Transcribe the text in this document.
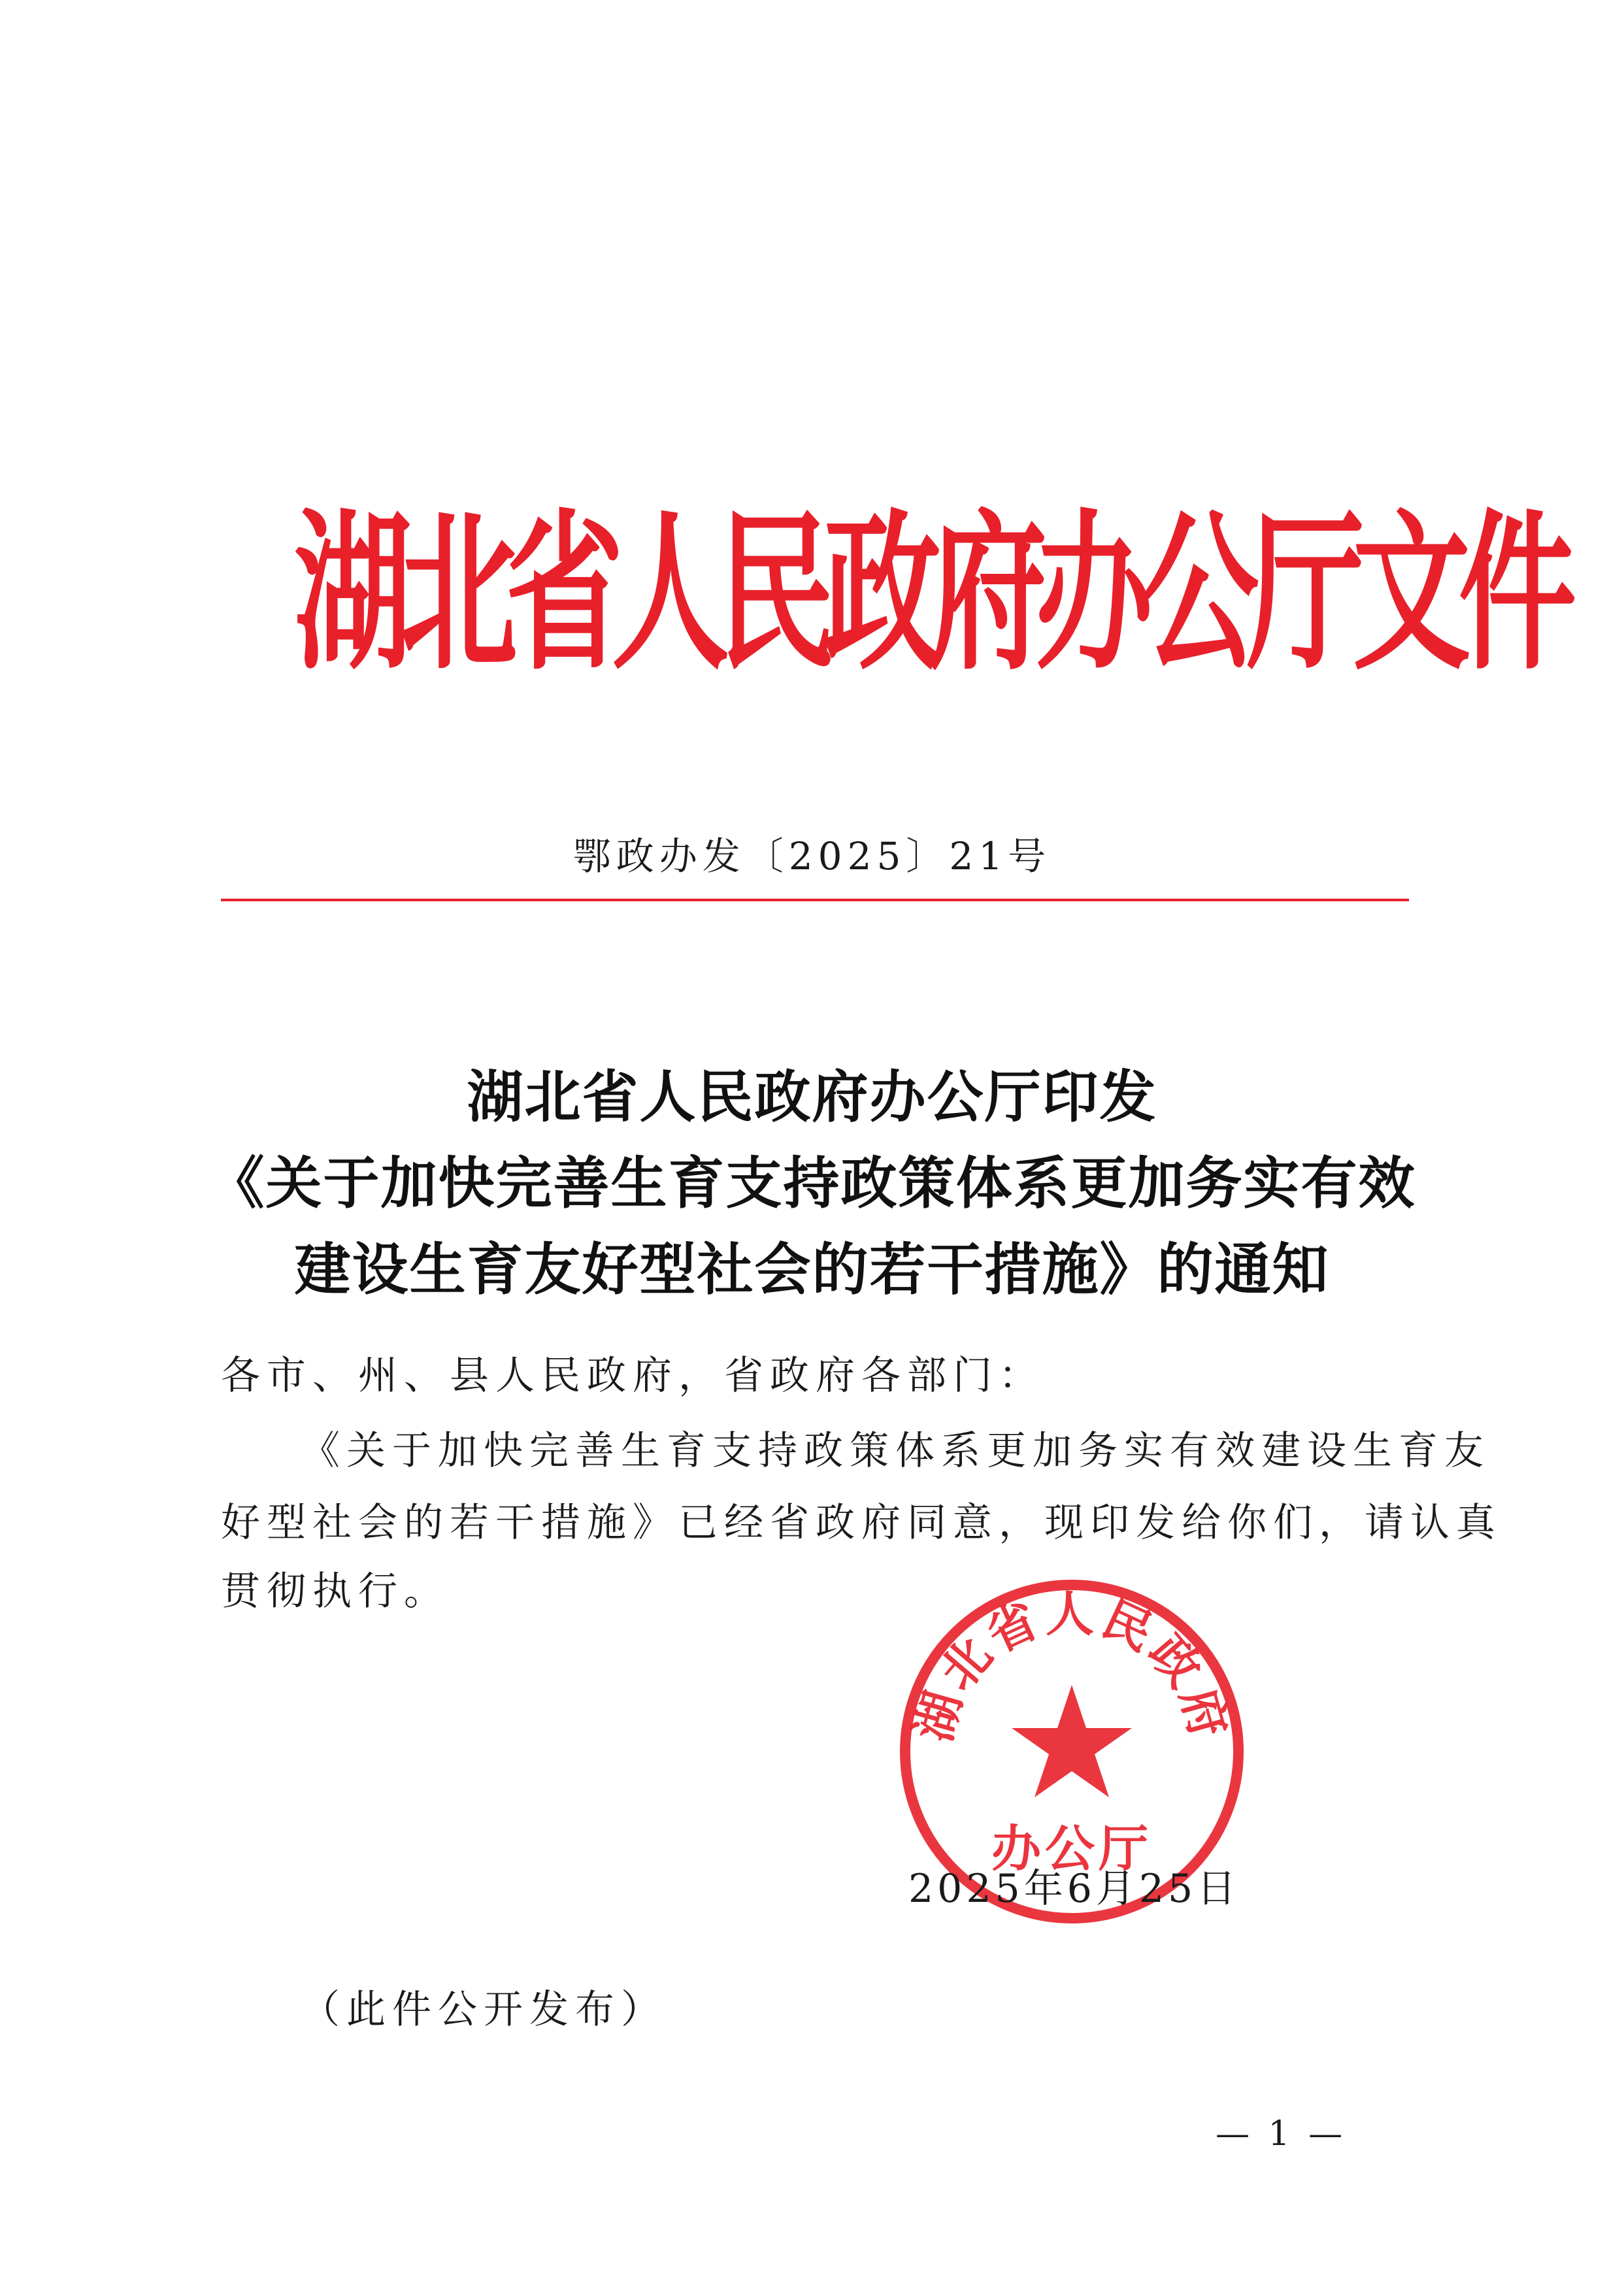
湖北省人民政府办公厅文件
鄂政办发〔2025〕21号
湖北省人民政府办公厅印发
《关于加快完善生育支持政策体系更加务实有效
建设生育友好型社会的若干措施》的通知
各市、州、县人民政府，省政府各部门：
《关于加快完善生育支持政策体系更加务实有效建设生育友
好型社会的若干措施》已经省政府同意，现印发给你们，请认真
贯彻执行。
湖北省人民政府
办公厅
2025年6月25日
（此件公开发布）
— 1 —
